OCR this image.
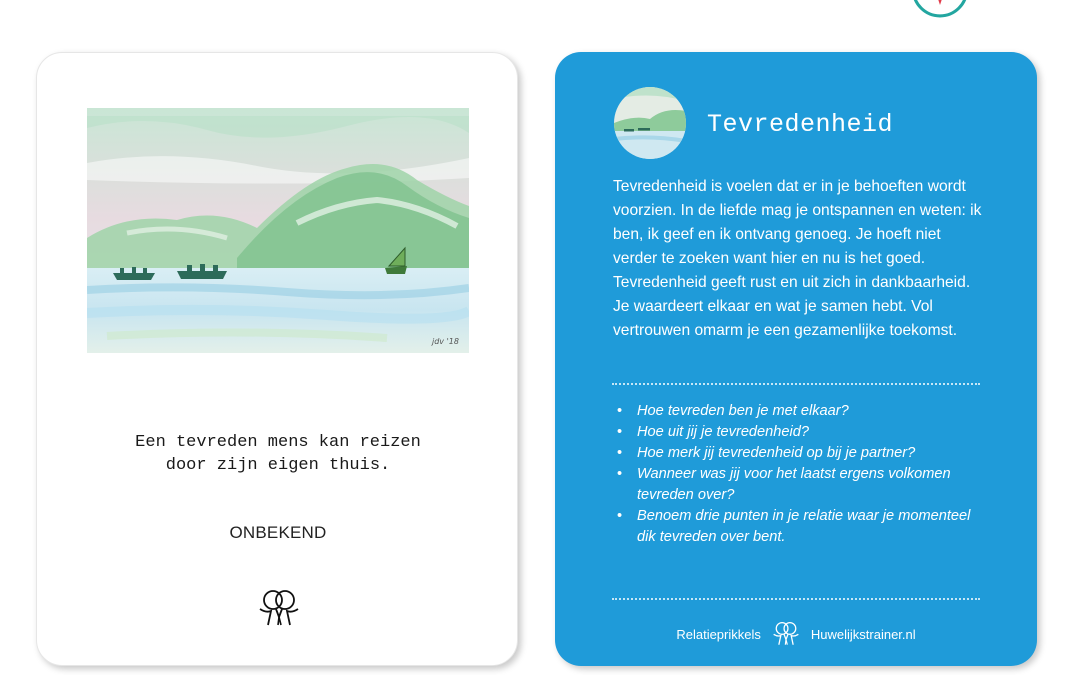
jdv '18
Een tevreden mens kan reizen
door zijn eigen thuis.
ONBEKEND
Tevredenheid
Tevredenheid is voelen dat er in je behoeften wordt voorzien. In de liefde mag je ontspannen en weten: ik ben, ik geef en ik ontvang genoeg. Je hoeft niet verder te zoeken want hier en nu is het goed. Tevredenheid geeft rust en uit zich in dankbaarheid. Je waardeert elkaar en wat je samen hebt. Vol vertrouwen omarm je een gezamenlijke toekomst.
• Hoe tevreden ben je met elkaar?
• Hoe uit jij je tevredenheid?
• Hoe merk jij tevredenheid op bij je partner?
• Wanneer was jij voor het laatst ergens volkomen tevreden over?
• Benoem drie punten in je relatie waar je momenteel dik tevreden over bent.
Relatieprikkels	Huwelijkstrainer.nl
